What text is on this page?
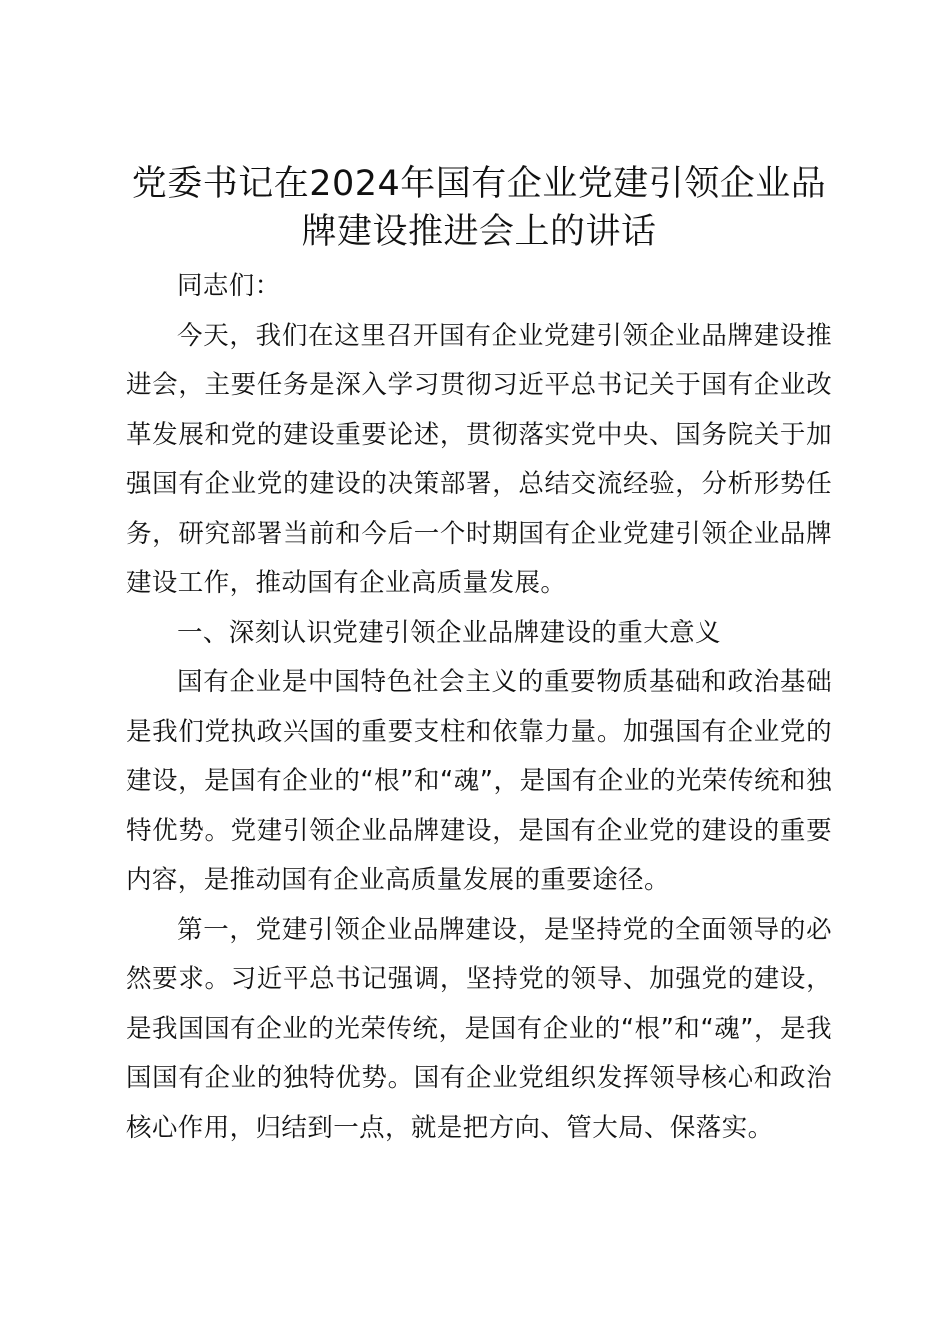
党委书记在2024年国有企业党建引领企业品牌建设推进会上的讲话

同志们：

今天，我们在这里召开国有企业党建引领企业品牌建设推进会，主要任务是深入学习贯彻习近平总书记关于国有企业改革发展和党的建设重要论述，贯彻落实党中央、国务院关于加强国有企业党的建设的决策部署，总结交流经验，分析形势任务，研究部署当前和今后一个时期国有企业党建引领企业品牌建设工作，推动国有企业高质量发展。

一、深刻认识党建引领企业品牌建设的重大意义

国有企业是中国特色社会主义的重要物质基础和政治基础是我们党执政兴国的重要支柱和依靠力量。加强国有企业党的建设，是国有企业的“根”和“魂”，是国有企业的光荣传统和独特优势。党建引领企业品牌建设，是国有企业党的建设的重要内容，是推动国有企业高质量发展的重要途径。

第一，党建引领企业品牌建设，是坚持党的全面领导的必然要求。习近平总书记强调，坚持党的领导、加强党的建设，是我国国有企业的光荣传统，是国有企业的“根”和“魂”，是我国国有企业的独特优势。国有企业党组织发挥领导核心和政治核心作用，归结到一点，就是把方向、管大局、保落实。
